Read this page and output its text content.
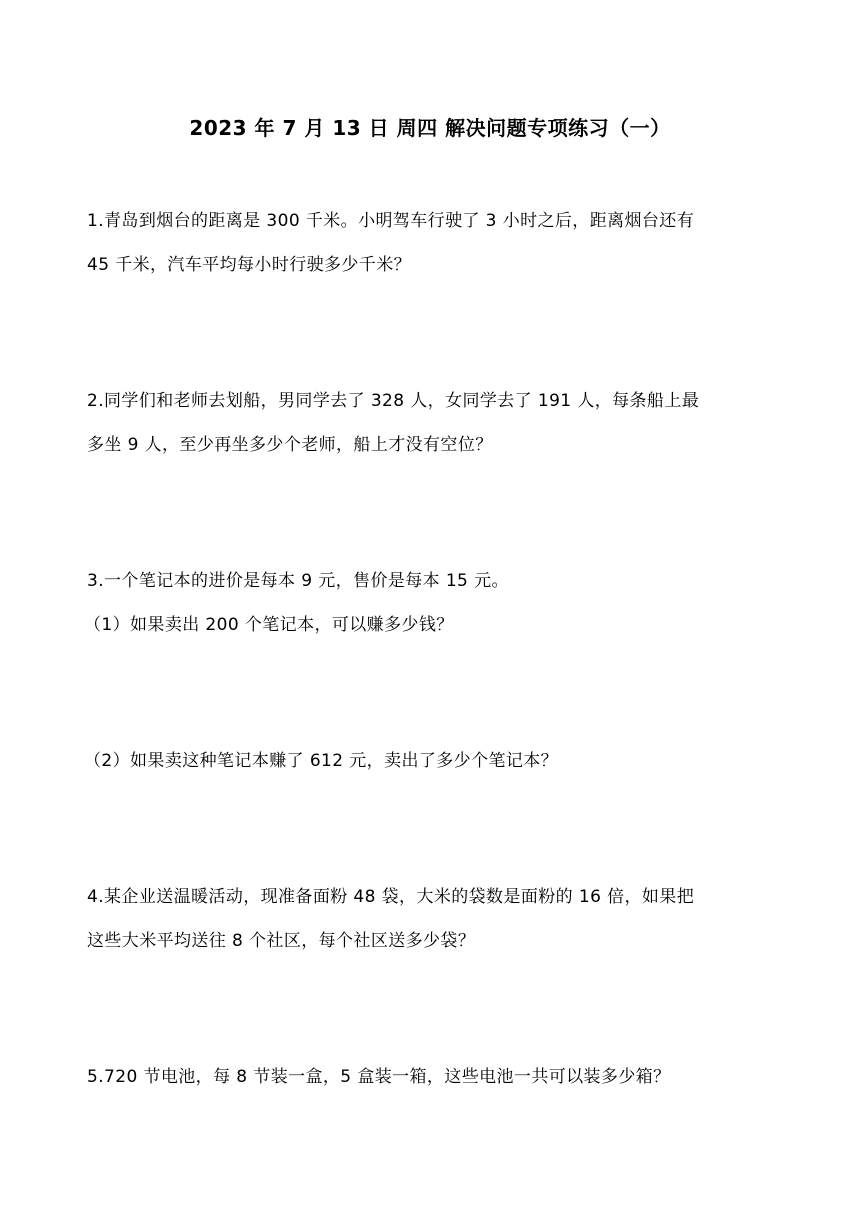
2023 年 7 月 13 日 周四 解决问题专项练习（一）
1.青岛到烟台的距离是 300 千米。小明驾车行驶了 3 小时之后，距离烟台还有
45 千米，汽车平均每小时行驶多少千米？
2.同学们和老师去划船，男同学去了 328 人，女同学去了 191 人，每条船上最
多坐 9 人，至少再坐多少个老师，船上才没有空位？
3.一个笔记本的进价是每本 9 元，售价是每本 15 元。
（1）如果卖出 200 个笔记本，可以赚多少钱？
（2）如果卖这种笔记本赚了 612 元，卖出了多少个笔记本？
4.某企业送温暖活动，现准备面粉 48 袋，大米的袋数是面粉的 16 倍，如果把
这些大米平均送往 8 个社区，每个社区送多少袋？
5.720 节电池，每 8 节装一盒，5 盒装一箱，这些电池一共可以装多少箱？
